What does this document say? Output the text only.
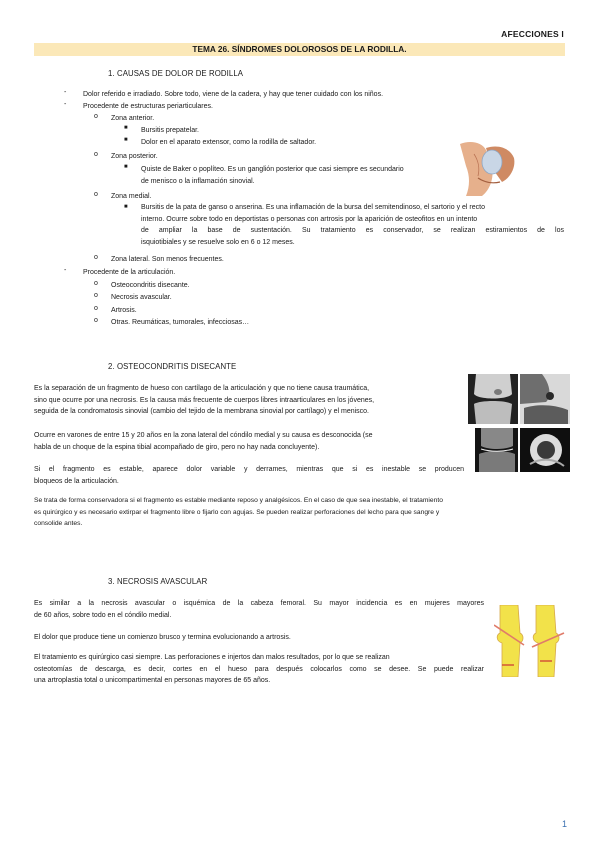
AFECCIONES I
TEMA 26. SÍNDROMES DOLOROSOS DE LA RODILLA.
1. CAUSAS DE DOLOR DE RODILLA
- Dolor referido e irradiado. Sobre todo, viene de la cadera, y hay que tener cuidado con los niños.
- Procedente de estructuras periarticulares.
o Zona anterior.
■ Bursitis prepatelar.
■ Dolor en el aparato extensor, como la rodilla de saltador.
o Zona posterior.
■ Quiste de Baker o poplíteo. Es un ganglión posterior que casi siempre es secundario
de menisco o la inflamación sinovial.
o Zona medial.
■ Bursitis de la pata de ganso o anserina. Es una inflamación de la bursa del semitendinoso, el sartorio y el recto
interno. Ocurre sobre todo en deportistas o personas con artrosis por la aparición de osteofitos en un intento
de ampliar la base de sustentación. Su tratamiento es conservador, se realizan estiramientos de los
isquiotibiales y se resuelve solo en 6 o 12 meses.
o Zona lateral. Son menos frecuentes.
- Procedente de la articulación.
o Osteocondritis disecante.
o Necrosis avascular.
o Artrosis.
o Otras. Reumáticas, tumorales, infecciosas…
2. OSTEOCONDRITIS DISECANTE
Es la separación de un fragmento de hueso con cartílago de la articulación y que no tiene causa traumática,
sino que ocurre por una necrosis. Es la causa más frecuente de cuerpos libres intraarticulares en los jóvenes,
seguida de la condromatosis sinovial (cambio del tejido de la membrana sinovial por cartílago) y el menisco.
Ocurre en varones de entre 15 y 20 años en la zona lateral del cóndilo medial y su causa es desconocida (se
habla de un choque de la espina tibial acompañado de giro, pero no hay nada concluyente).
Si el fragmento es estable, aparece dolor variable y derrames, mientras que si es inestable se producen
bloqueos de la articulación.
Se trata de forma conservadora si el fragmento es estable mediante reposo y analgésicos. En el caso de que sea inestable, el tratamiento
es quirúrgico y es necesario extirpar el fragmento libre o fijarlo con agujas. Se pueden realizar perforaciones del lecho para que sangre y
consolide antes.
3. NECROSIS AVASCULAR
Es similar a la necrosis avascular o isquémica de la cabeza femoral. Su mayor incidencia es en mujeres mayores
de 60 años, sobre todo en el cóndilo medial.
El dolor que produce tiene un comienzo brusco y termina evolucionando a artrosis.
El tratamiento es quirúrgico casi siempre. Las perforaciones e injertos dan malos resultados, por lo que se realizan
osteotomías de descarga, es decir, cortes en el hueso para después colocarlos como se desee. Se puede realizar
una artroplastia total o unicompartimental en personas mayores de 65 años.
1
